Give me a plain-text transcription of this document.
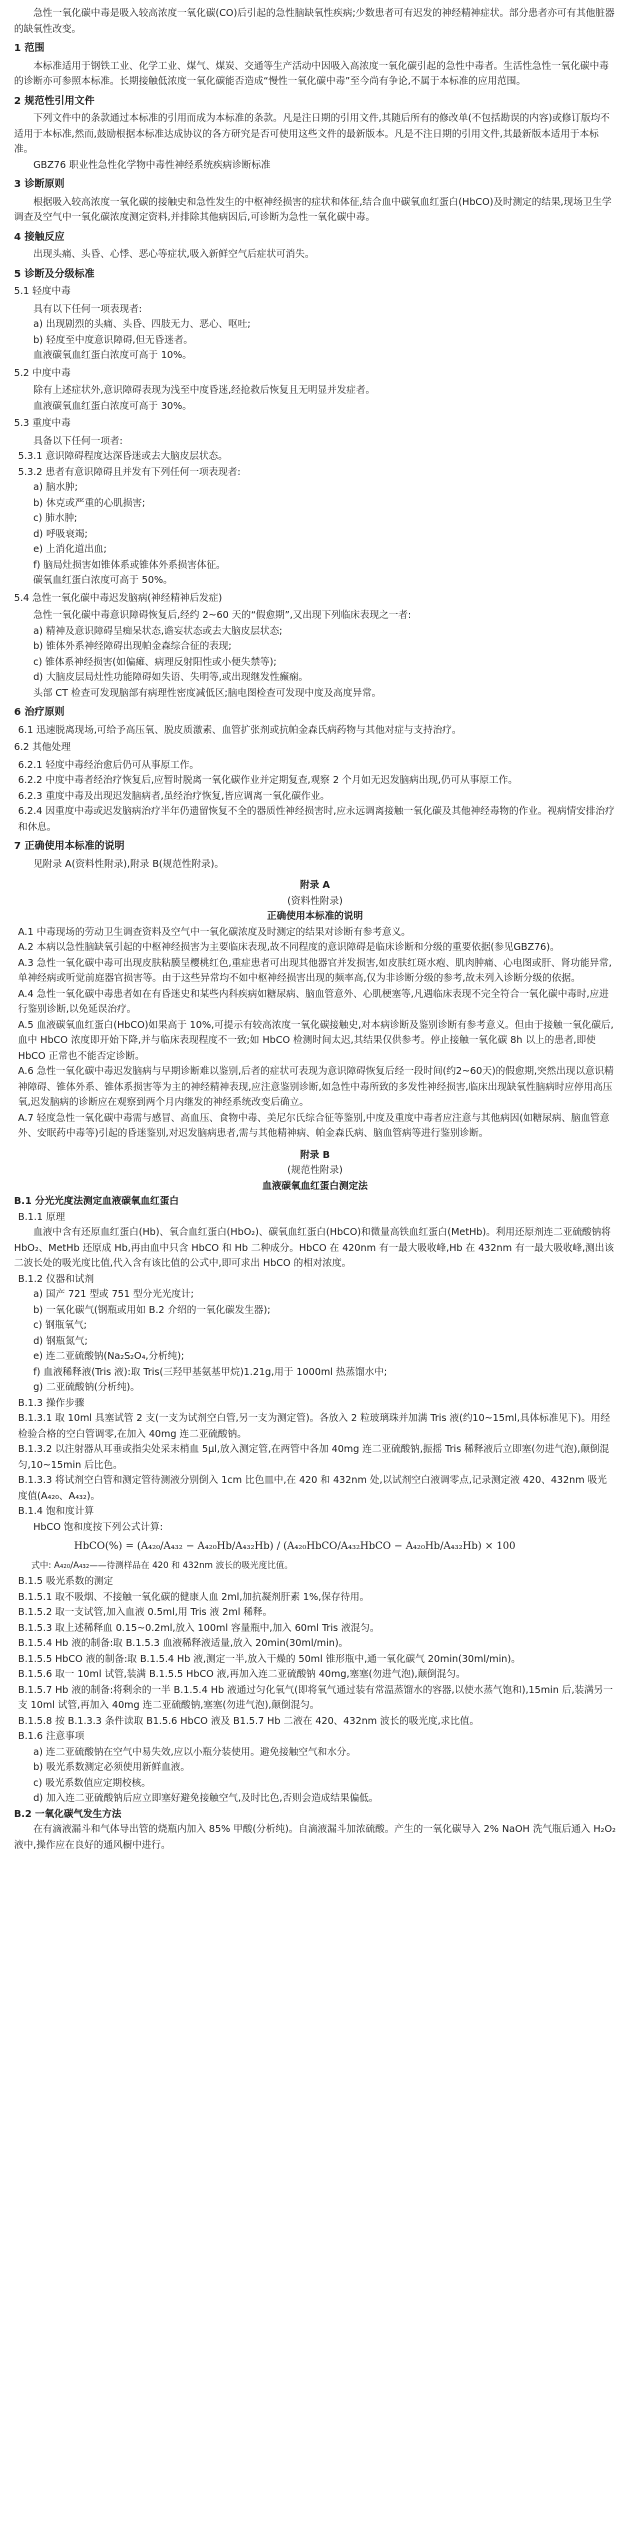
急性一氧化碳中毒是吸入较高浓度一氧化碳(CO)后引起的急性脑缺氧性疾病;少数患者可有迟发的神经精神症状。部分患者亦可有其他脏器的缺氧性改变。

1 范围

本标准适用于钢铁工业、化学工业、煤气、煤炭、交通等生产活动中因吸入高浓度一氧化碳引起的急性中毒者。生活性急性一氧化碳中毒的诊断亦可参照本标准。长期接触低浓度一氧化碳能否造成“慢性一氧化碳中毒”至今尚有争论,不属于本标准的应用范围。

2 规范性引用文件

下列文件中的条款通过本标准的引用而成为本标准的条款。凡是注日期的引用文件,其随后所有的修改单(不包括勘误的内容)或修订版均不适用于本标准,然而,鼓励根据本标准达成协议的各方研究是否可使用这些文件的最新版本。凡是不注日期的引用文件,其最新版本适用于本标准。

GBZ76 职业性急性化学物中毒性神经系统疾病诊断标准

3 诊断原则

根据吸入较高浓度一氧化碳的接触史和急性发生的中枢神经损害的症状和体征,结合血中碳氧血红蛋白(HbCO)及时测定的结果,现场卫生学调查及空气中一氧化碳浓度测定资料,并排除其他病因后,可诊断为急性一氧化碳中毒。

4 接触反应

出现头痛、头昏、心悸、恶心等症状,吸入新鲜空气后症状可消失。

5 诊断及分级标准

5.1 轻度中毒

具有以下任何一项表现者:

a) 出现剧烈的头痛、头昏、四肢无力、恶心、呕吐;

b) 轻度至中度意识障碍,但无昏迷者。

血液碳氧血红蛋白浓度可高于 10%。

5.2 中度中毒

除有上述症状外,意识障碍表现为浅至中度昏迷,经抢救后恢复且无明显并发症者。

血液碳氧血红蛋白浓度可高于 30%。

5.3 重度中毒

具备以下任何一项者:

5.3.1 意识障碍程度达深昏迷或去大脑皮层状态。

5.3.2 患者有意识障碍且并发有下列任何一项表现者:

a) 脑水肿;

b) 休克或严重的心肌损害;

c) 肺水肿;

d) 呼吸衰竭;

e) 上消化道出血;

f) 脑局灶损害如锥体系或锥体外系损害体征。

碳氧血红蛋白浓度可高于 50%。

5.4 急性一氧化碳中毒迟发脑病(神经精神后发症)

急性一氧化碳中毒意识障碍恢复后,经约 2~60 天的“假愈期”,又出现下列临床表现之一者:

a) 精神及意识障碍呈痴呆状态,谵妄状态或去大脑皮层状态;

b) 锥体外系神经障碍出现帕金森综合征的表现;

c) 锥体系神经损害(如偏瘫、病理反射阳性或小便失禁等);

d) 大脑皮层局灶性功能障碍如失语、失明等,或出现继发性癫痫。

头部 CT 检查可发现脑部有病理性密度减低区;脑电图检查可发现中度及高度异常。

6 治疗原则

6.1 迅速脱离现场,可给予高压氧、脱皮质激素、血管扩张剂或抗帕金森氏病药物与其他对症与支持治疗。

6.2 其他处理

6.2.1 轻度中毒经治愈后仍可从事原工作。

6.2.2 中度中毒者经治疗恢复后,应暂时脱离一氧化碳作业并定期复查,观察 2 个月如无迟发脑病出现,仍可从事原工作。

6.2.3 重度中毒及出现迟发脑病者,虽经治疗恢复,皆应调离一氧化碳作业。

6.2.4 因重度中毒或迟发脑病治疗半年仍遗留恢复不全的器质性神经损害时,应永远调离接触一氧化碳及其他神经毒物的作业。视病情安排治疗和休息。

7 正确使用本标准的说明

见附录 A(资料性附录),附录 B(规范性附录)。

附录 A

(资料性附录)

正确使用本标准的说明

A.1 中毒现场的劳动卫生调查资料及空气中一氧化碳浓度及时测定的结果对诊断有参考意义。

A.2 本病以急性脑缺氧引起的中枢神经损害为主要临床表现,故不同程度的意识障碍是临床诊断和分级的重要依据(参见GBZ76)。

A.3 急性一氧化碳中毒可出现皮肤粘膜呈樱桃红色,重症患者可出现其他器官并发损害,如皮肤红斑水疱、肌肉肿痛、心电图或肝、肾功能异常,单神经病或听觉前庭器官损害等。由于这些异常均不如中枢神经损害出现的频率高,仅为非诊断分级的参考,故未列入诊断分级的依据。

A.4 急性一氧化碳中毒患者如在有昏迷史和某些内科疾病如糖尿病、脑血管意外、心肌梗塞等,凡遇临床表现不完全符合一氧化碳中毒时,应进行鉴别诊断,以免延误治疗。

A.5 血液碳氧血红蛋白(HbCO)如果高于 10%,可提示有较高浓度一氧化碳接触史,对本病诊断及鉴别诊断有参考意义。但由于接触一氧化碳后,血中 HbCO 浓度即开始下降,并与临床表现程度不一致;如 HbCO 检测时间太迟,其结果仅供参考。停止接触一氧化碳 8h 以上的患者,即使 HbCO 正常也不能否定诊断。

A.6 急性一氧化碳中毒迟发脑病与早期诊断难以鉴别,后者的症状可表现为意识障碍恢复后经一段时间(约2~60天)的假愈期,突然出现以意识精神障碍、锥体外系、锥体系损害等为主的神经精神表现,应注意鉴别诊断,如急性中毒所致的多发性神经损害,临床出现缺氧性脑病时应停用高压氧,迟发脑病的诊断应在观察到两个月内继发的神经系统改变后确立。

A.7 轻度急性一氧化碳中毒需与感冒、高血压、食物中毒、美尼尔氏综合征等鉴别,中度及重度中毒者应注意与其他病因(如糖尿病、脑血管意外、安眠药中毒等)引起的昏迷鉴别,对迟发脑病患者,需与其他精神病、帕金森氏病、脑血管病等进行鉴别诊断。

附录 B

(规范性附录)

血液碳氧血红蛋白测定法

B.1 分光光度法测定血液碳氧血红蛋白

B.1.1 原理

血液中含有还原血红蛋白(Hb)、氧合血红蛋白(HbO₂)、碳氧血红蛋白(HbCO)和微量高铁血红蛋白(MetHb)。利用还原剂连二亚硫酸钠将 HbO₂、MetHb 还原成 Hb,再由血中只含 HbCO 和 Hb 二种成分。HbCO 在 420nm 有一最大吸收峰,Hb 在 432nm 有一最大吸收峰,测出该二波长处的吸光度比值,代入含有该比值的公式中,即可求出 HbCO 的相对浓度。

B.1.2 仪器和试剂

a) 国产 721 型或 751 型分光光度计;

b) 一氧化碳气(钢瓶或用如 B.2 介绍的一氧化碳发生器);

c) 钢瓶氧气;

d) 钢瓶氮气;

e) 连二亚硫酸钠(Na₂S₂O₄,分析纯);

f) 血液稀释液(Tris 液):取 Tris(三羟甲基氨基甲烷)1.21g,用于 1000ml 热蒸馏水中;

g) 二亚硫酸钠(分析纯)。

B.1.3 操作步骤

B.1.3.1 取 10ml 具塞试管 2 支(一支为试剂空白管,另一支为测定管)。各放入 2 粒玻璃珠并加满 Tris 液(约10~15ml,具体标准见下)。用经检验合格的空白管调零,在加入 40mg 连二亚硫酸钠。

B.1.3.2 以注射器从耳垂或指尖处采末梢血 5μl,放入测定管,在两管中各加 40mg 连二亚硫酸钠,振摇 Tris 稀释液后立即塞(勿进气泡),颠倒混匀,10~15min 后比色。

B.1.3.3 将试剂空白管和测定管待测液分别倒入 1cm 比色皿中,在 420 和 432nm 处,以试剂空白液调零点,记录测定液 420、432nm 吸光度值(A₄₂₀、A₄₃₂)。

B.1.4 饱和度计算

HbCO 饱和度按下列公式计算:

HbCO(%) = (A₄₂₀/A₄₃₂ − A₄₂₀Hb/A₄₃₂Hb) / (A₄₂₀HbCO/A₄₃₂HbCO − A₄₂₀Hb/A₄₃₂Hb) × 100

式中: A₄₂₀/A₄₃₂——待测样品在 420 和 432nm 波长的吸光度比值。

B.1.5 吸光系数的测定

B.1.5.1 取不吸烟、不接触一氧化碳的健康人血 2ml,加抗凝剂肝素 1%,保存待用。

B.1.5.2 取一支试管,加入血液 0.5ml,用 Tris 液 2ml 稀释。

B.1.5.3 取上述稀释血 0.15~0.2ml,放入 100ml 容量瓶中,加入 60ml Tris 液混匀。

B.1.5.4 Hb 液的制备:取 B.1.5.3 血液稀释液适量,放入 20min(30ml/min)。

B.1.5.5 HbCO 液的制备:取 B.1.5.4 Hb 液,测定一半,放入干燥的 50ml 锥形瓶中,通一氧化碳气 20min(30ml/min)。

B.1.5.6 取一 10ml 试管,装满 B.1.5.5 HbCO 液,再加入连二亚硫酸钠 40mg,塞塞(勿进气泡),颠倒混匀。

B.1.5.7 Hb 液的制备:将剩余的一半 B.1.5.4 Hb 液通过匀化氧气(即将氧气通过装有常温蒸馏水的容器,以使水蒸气饱和),15min 后,装满另一支 10ml 试管,再加入 40mg 连二亚硫酸钠,塞塞(勿进气泡),颠倒混匀。

B.1.5.8 按 B.1.3.3 条件读取 B1.5.6 HbCO 液及 B1.5.7 Hb 二液在 420、432nm 波长的吸光度,求比值。

B.1.6 注意事项

a) 连二亚硫酸钠在空气中易失效,应以小瓶分装使用。避免接触空气和水分。

b) 吸光系数测定必须使用新鲜血液。

c) 吸光系数值应定期校核。

d) 加入连二亚硫酸钠后应立即塞好避免接触空气,及时比色,否则会造成结果偏低。

B.2 一氧化碳气发生方法

在有滴液漏斗和气体导出管的烧瓶内加入 85% 甲酸(分析纯)。自滴液漏斗加浓硫酸。产生的一氧化碳导入 2% NaOH 洗气瓶后通入 H₂O₂ 液中,操作应在良好的通风橱中进行。
